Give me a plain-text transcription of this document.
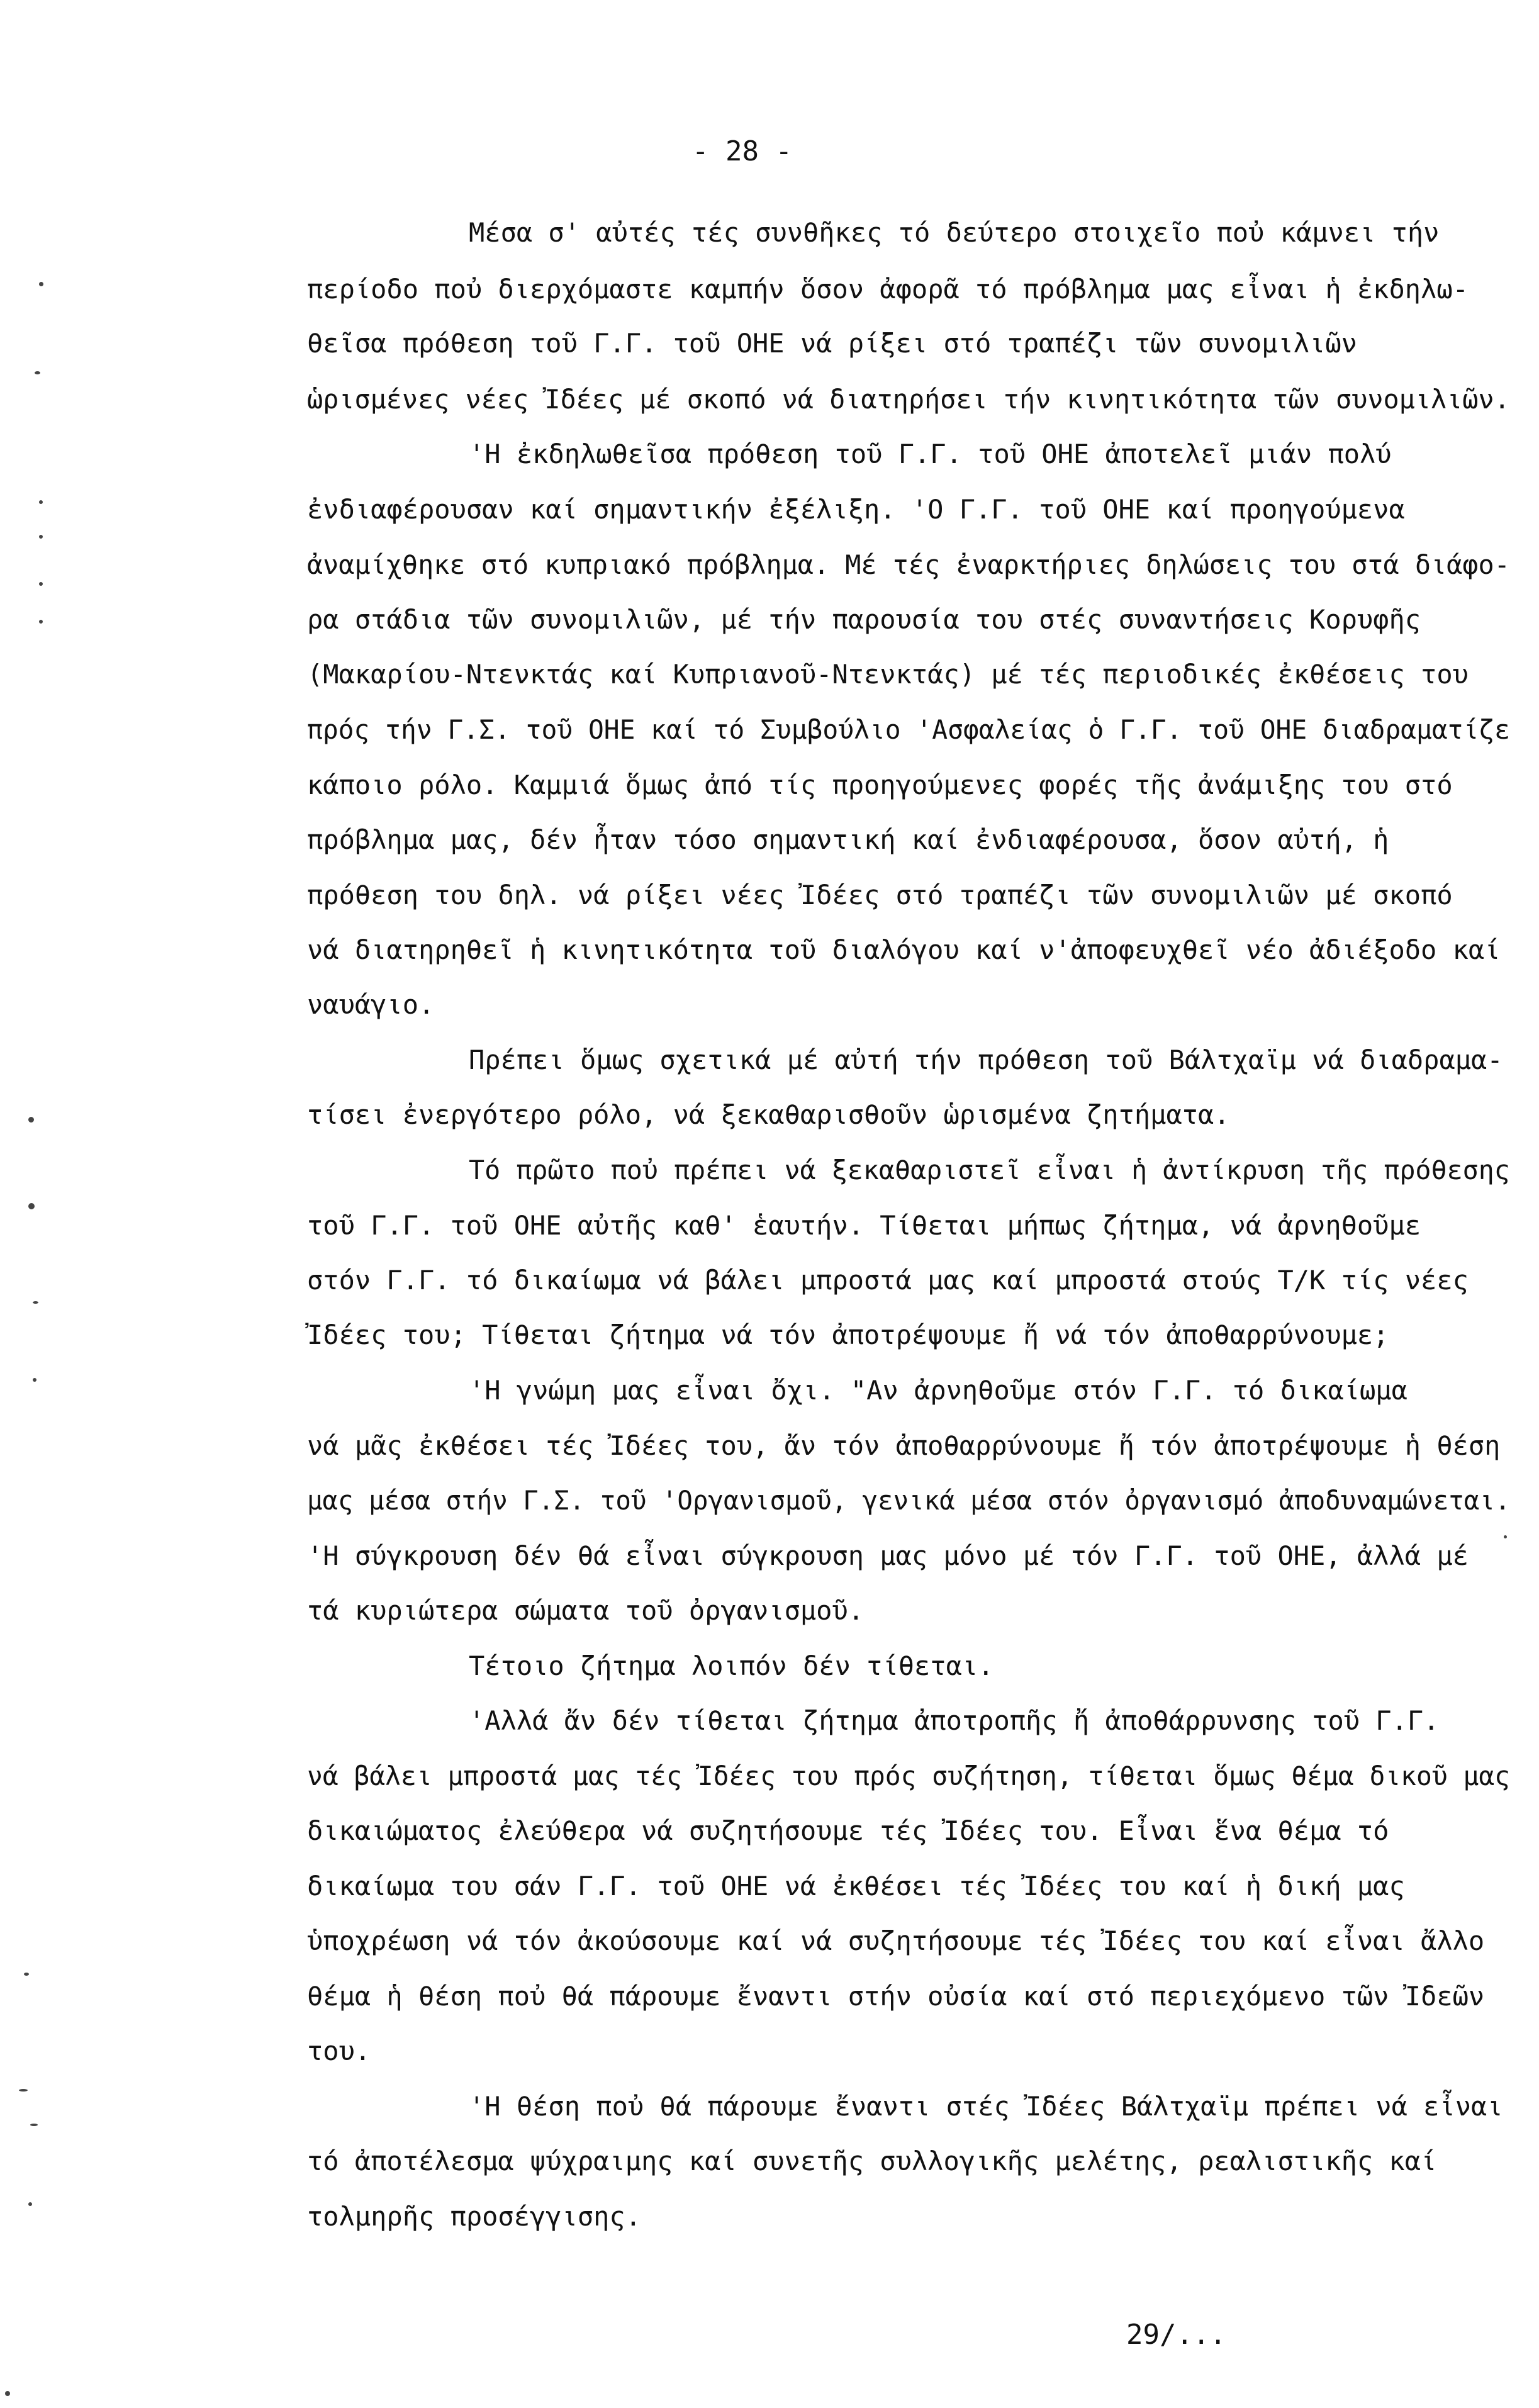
- 28 -
Μέσα σ' αὐτές τές συνθῆκες τό δεύτερο στοιχεῖο ποὐ κάμνει τήν
περίοδο ποὐ διερχόμαστε καμπήν ὅσον ἀφορᾶ τό πρόβλημα μας εἶναι ἡ ἐκδηλω-
θεῖσα πρόθεση τοῦ Γ.Γ. τοῦ ΟΗΕ νά ρίξει στό τραπέζι τῶν συνομιλιῶν
ὡρισμένες νέες Ἰδέες μέ σκοπό νά διατηρήσει τήν κινητικότητα τῶν συνομιλιῶν.
'Η ἐκδηλωθεῖσα πρόθεση τοῦ Γ.Γ. τοῦ ΟΗΕ ἀποτελεῖ μιάν πολύ
ἐνδιαφέρουσαν καί σημαντικήν ἐξέλιξη. 'Ο Γ.Γ. τοῦ ΟΗΕ καί προηγούμενα
ἀναμίχθηκε στό κυπριακό πρόβλημα. Μέ τές ἐναρκτήριες δηλώσεις του στά διάφο-
ρα στάδια τῶν συνομιλιῶν, μέ τήν παρουσία του στές συναντήσεις Κορυφῆς
(Μακαρίου-Ντενκτάς καί Κυπριανοῦ-Ντενκτάς) μέ τές περιοδικές ἐκθέσεις του
πρός τήν Γ.Σ. τοῦ ΟΗΕ καί τό Συμβούλιο 'Ασφαλείας ὁ Γ.Γ. τοῦ ΟΗΕ διαδραματίζε
κάποιο ρόλο. Καμμιά ὅμως ἀπό τίς προηγούμενες φορές τῆς ἀνάμιξης του στό
πρόβλημα μας, δέν ἦταν τόσο σημαντική καί ἐνδιαφέρουσα, ὅσον αὐτή, ἡ
πρόθεση του δηλ. νά ρίξει νέες Ἰδέες στό τραπέζι τῶν συνομιλιῶν μέ σκοπό
νά διατηρηθεῖ ἡ κινητικότητα τοῦ διαλόγου καί ν'ἀποφευχθεῖ νέο ἀδιέξοδο καί
ναυάγιο.
Πρέπει ὅμως σχετικά μέ αὐτή τήν πρόθεση τοῦ Βάλτχαϊμ νά διαδραμα-
τίσει ἐνεργότερο ρόλο, νά ξεκαθαρισθοῦν ὡρισμένα ζητήματα.
Τό πρῶτο ποὐ πρέπει νά ξεκαθαριστεῖ εἶναι ἡ ἀντίκρυση τῆς πρόθεσης
τοῦ Γ.Γ. τοῦ ΟΗΕ αὐτῆς καθ' ἑαυτήν. Τίθεται μήπως ζήτημα, νά ἀρνηθοῦμε
στόν Γ.Γ. τό δικαίωμα νά βάλει μπροστά μας καί μπροστά στούς Τ/Κ τίς νέες
Ἰδέες του; Τίθεται ζήτημα νά τόν ἀποτρέψουμε ἤ νά τόν ἀποθαρρύνουμε;
'Η γνώμη μας εἶναι ὄχι. "Αν ἀρνηθοῦμε στόν Γ.Γ. τό δικαίωμα
νά μᾶς ἐκθέσει τές Ἰδέες του, ἄν τόν ἀποθαρρύνουμε ἤ τόν ἀποτρέψουμε ἡ θέση
μας μέσα στήν Γ.Σ. τοῦ 'Οργανισμοῦ, γενικά μέσα στόν ὀργανισμό ἀποδυναμώνεται.
'Η σύγκρουση δέν θά εἶναι σύγκρουση μας μόνο μέ τόν Γ.Γ. τοῦ ΟΗΕ, ἀλλά μέ
τά κυριώτερα σώματα τοῦ ὀργανισμοῦ.
Τέτοιο ζήτημα λοιπόν δέν τίθεται.
'Αλλά ἄν δέν τίθεται ζήτημα ἀποτροπῆς ἤ ἀποθάρρυνσης τοῦ Γ.Γ.
νά βάλει μπροστά μας τές Ἰδέες του πρός συζήτηση, τίθεται ὅμως θέμα δικοῦ μας
δικαιώματος ἐλεύθερα νά συζητήσουμε τές Ἰδέες του. Εἶναι ἕνα θέμα τό
δικαίωμα του σάν Γ.Γ. τοῦ ΟΗΕ νά ἐκθέσει τές Ἰδέες του καί ἡ δική μας
ὑποχρέωση νά τόν ἀκούσουμε καί νά συζητήσουμε τές Ἰδέες του καί εἶναι ἄλλο
θέμα ἡ θέση ποὐ θά πάρουμε ἔναντι στήν οὐσία καί στό περιεχόμενο τῶν Ἰδεῶν
του.
'Η θέση ποὐ θά πάρουμε ἔναντι στές Ἰδέες Βάλτχαϊμ πρέπει νά εἶναι
τό ἀποτέλεσμα ψύχραιμης καί συνετῆς συλλογικῆς μελέτης, ρεαλιστικῆς καί
τολμηρῆς προσέγγισης.
29/...
